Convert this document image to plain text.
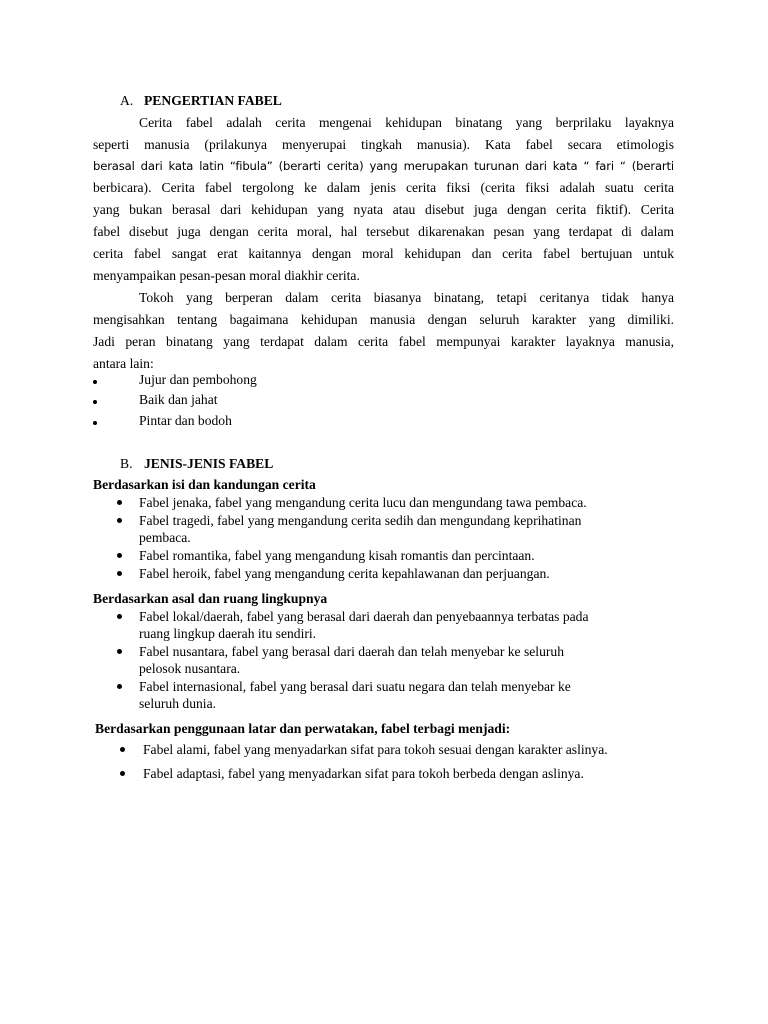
A. PENGERTIAN FABEL
Cerita fabel adalah cerita mengenai kehidupan binatang yang berprilaku layaknya
seperti manusia (prilakunya menyerupai tingkah manusia). Kata fabel secara etimologis
berasal dari kata latin “fibula” (berarti cerita) yang merupakan turunan dari kata “ fari “ (berarti
berbicara). Cerita fabel tergolong ke dalam jenis cerita fiksi (cerita fiksi adalah suatu cerita
yang bukan berasal dari kehidupan yang nyata atau disebut juga dengan cerita fiktif). Cerita
fabel disebut juga dengan cerita moral, hal tersebut dikarenakan pesan yang terdapat di dalam
cerita fabel sangat erat kaitannya dengan moral kehidupan dan cerita fabel bertujuan untuk
menyampaikan pesan-pesan moral diakhir cerita.
Tokoh yang berperan dalam cerita biasanya binatang, tetapi ceritanya tidak hanya
mengisahkan tentang bagaimana kehidupan manusia dengan seluruh karakter yang dimiliki.
Jadi peran binatang yang terdapat dalam cerita fabel mempunyai karakter layaknya manusia,
antara lain:
Jujur dan pembohong
Baik dan jahat
Pintar dan bodoh
B. JENIS-JENIS FABEL
Berdasarkan isi dan kandungan cerita
Fabel jenaka, fabel yang mengandung cerita lucu dan mengundang tawa pembaca.
Fabel tragedi, fabel yang mengandung cerita sedih dan mengundang keprihatinan
pembaca.
Fabel romantika, fabel yang mengandung kisah romantis dan percintaan.
Fabel heroik, fabel yang mengandung cerita kepahlawanan dan perjuangan.
Berdasarkan asal dan ruang lingkupnya
Fabel lokal/daerah, fabel yang berasal dari daerah dan penyebaannya terbatas pada
ruang lingkup daerah itu sendiri.
Fabel nusantara, fabel yang berasal dari daerah dan telah menyebar ke seluruh
pelosok nusantara.
Fabel internasional, fabel yang berasal dari suatu negara dan telah menyebar ke
seluruh dunia.
Berdasarkan penggunaan latar dan perwatakan, fabel terbagi menjadi:
Fabel alami, fabel yang menyadarkan sifat para tokoh sesuai dengan karakter aslinya.
Fabel adaptasi, fabel yang menyadarkan sifat para tokoh berbeda dengan aslinya.
